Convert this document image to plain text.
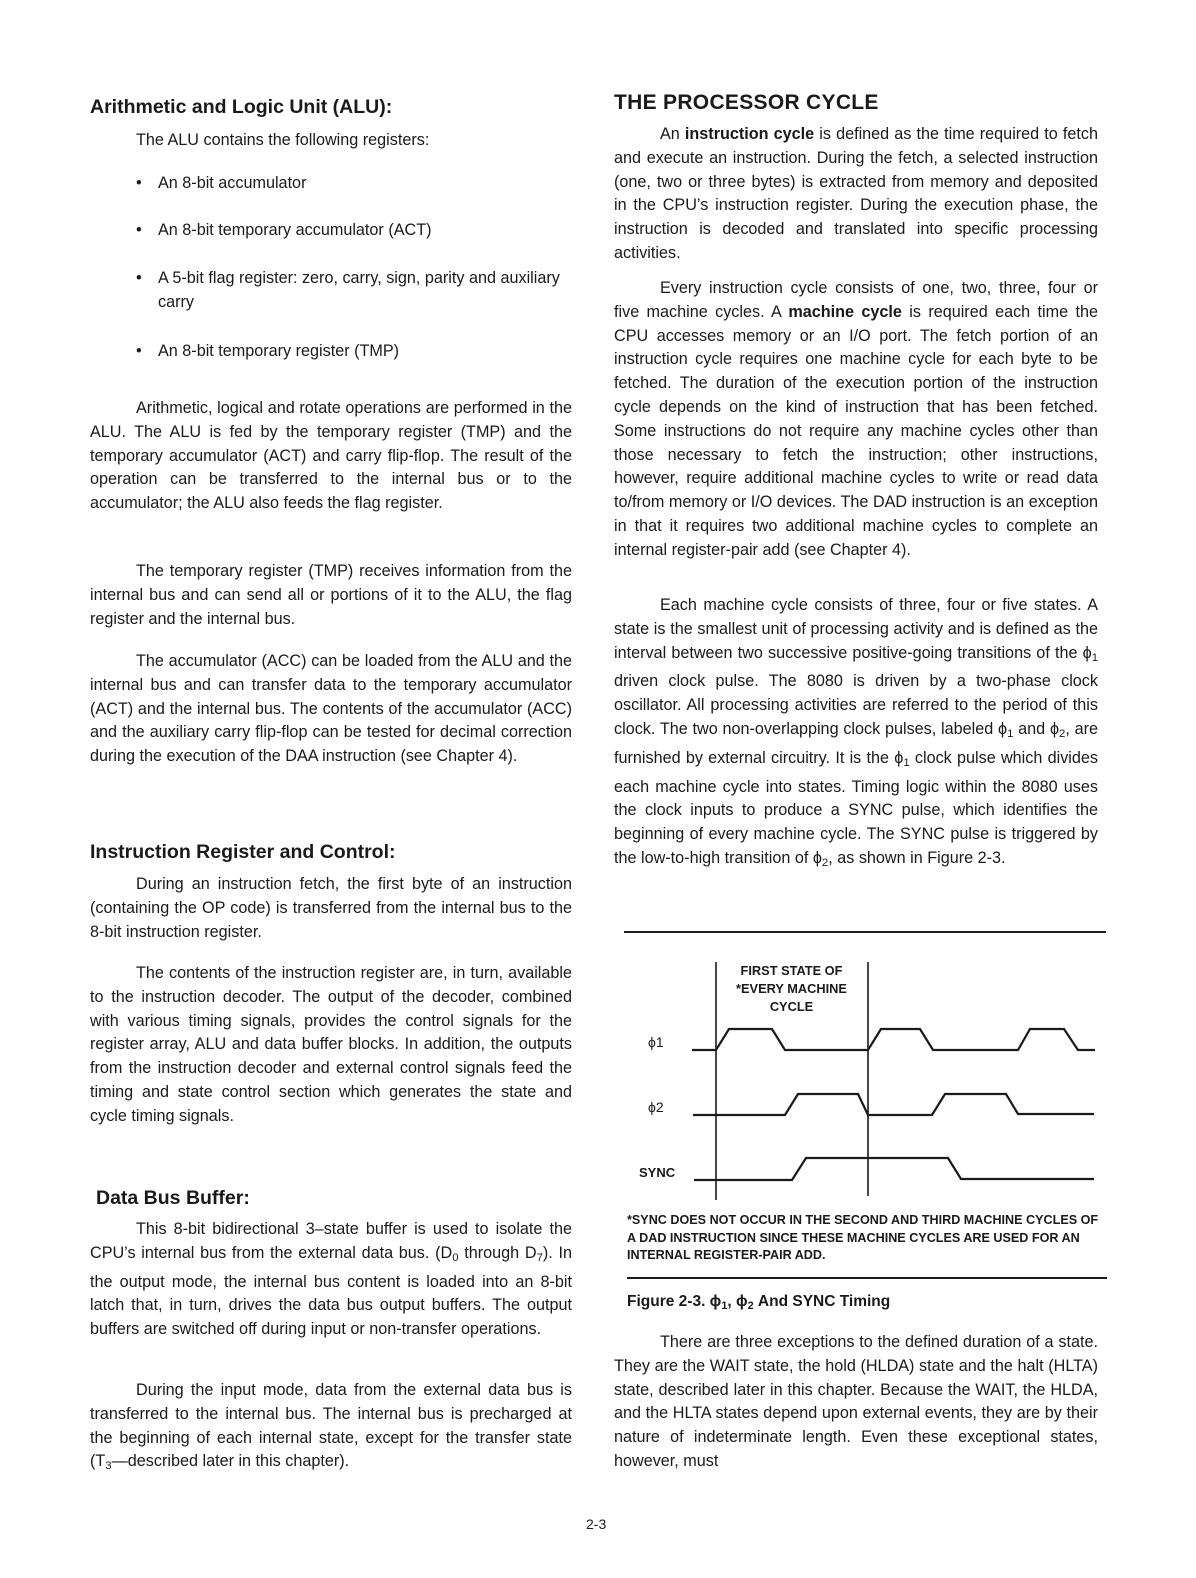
Arithmetic and Logic Unit (ALU):
The ALU contains the following registers:
• An 8-bit accumulator
• An 8-bit temporary accumulator (ACT)
• A 5-bit flag register: zero, carry, sign, parity and auxiliary carry
• An 8-bit temporary register (TMP)
Arithmetic, logical and rotate operations are performed in the ALU. The ALU is fed by the temporary register (TMP) and the temporary accumulator (ACT) and carry flip-flop. The result of the operation can be transferred to the internal bus or to the accumulator; the ALU also feeds the flag register.
The temporary register (TMP) receives information from the internal bus and can send all or portions of it to the ALU, the flag register and the internal bus.
The accumulator (ACC) can be loaded from the ALU and the internal bus and can transfer data to the temporary accumulator (ACT) and the internal bus. The contents of the accumulator (ACC) and the auxiliary carry flip-flop can be tested for decimal correction during the execution of the DAA instruction (see Chapter 4).
Instruction Register and Control:
During an instruction fetch, the first byte of an instruction (containing the OP code) is transferred from the internal bus to the 8-bit instruction register.
The contents of the instruction register are, in turn, available to the instruction decoder. The output of the decoder, combined with various timing signals, provides the control signals for the register array, ALU and data buffer blocks. In addition, the outputs from the instruction decoder and external control signals feed the timing and state control section which generates the state and cycle timing signals.
Data Bus Buffer:
This 8-bit bidirectional 3–state buffer is used to isolate the CPU’s internal bus from the external data bus. ($D_0$ through $D_7$). In the output mode, the internal bus content is loaded into an 8-bit latch that, in turn, drives the data bus output buffers. The output buffers are switched off during input or non-transfer operations.
During the input mode, data from the external data bus is transferred to the internal bus. The internal bus is precharged at the beginning of each internal state, except for the transfer state ($T_3—described$ later in this chapter).
THE PROCESSOR CYCLE
An instruction cycle is defined as the time required to fetch and execute an instruction. During the fetch, a selected instruction (one, two or three bytes) is extracted from memory and deposited in the CPU’s instruction register. During the execution phase, the instruction is decoded and translated into specific processing activities.
Every instruction cycle consists of one, two, three, four or five machine cycles. A machine cycle is required each time the CPU accesses memory or an I/O port. The fetch portion of an instruction cycle requires one machine cycle for each byte to be fetched. The duration of the execution portion of the instruction cycle depends on the kind of instruction that has been fetched. Some instructions do not require any machine cycles other than those necessary to fetch the instruction; other instructions, however, require additional machine cycles to write or read data to/from memory or I/O devices. The DAD instruction is an exception in that it requires two additional machine cycles to complete an internal register-pair add (see Chapter 4).
Each machine cycle consists of three, four or five states. A state is the smallest unit of processing activity and is defined as the interval between two successive positive-going transitions of the $\phi_1$ driven clock pulse. The 8080 is driven by a two-phase clock oscillator. All processing activities are referred to the period of this clock. The two non-overlapping clock pulses, labeled $\phi_1$ and $\phi_2$, are furnished by external circuitry. It is the $\phi_1$ clock pulse which divides each machine cycle into states. Timing logic within the 8080 uses the clock inputs to produce a SYNC pulse, which identifies the beginning of every machine cycle. The SYNC pulse is triggered by the low-to-high transition of $\phi_2$, as shown in Figure 2-3.
FIRST STATE OF
*EVERY MACHINE
CYCLE
ϕ1
ϕ2
SYNC
*SYNC DOES NOT OCCUR IN THE SECOND AND THIRD MACHINE CYCLES OF A DAD INSTRUCTION SINCE THESE MACHINE CYCLES ARE USED FOR AN INTERNAL REGISTER-PAIR ADD.
Figure 2-3. $\phi_1$, $\phi_2$ And SYNC Timing
There are three exceptions to the defined duration of a state. They are the WAIT state, the hold (HLDA) state and the halt (HLTA) state, described later in this chapter. Because the WAIT, the HLDA, and the HLTA states depend upon external events, they are by their nature of indeterminate length. Even these exceptional states, however, must
2-3
